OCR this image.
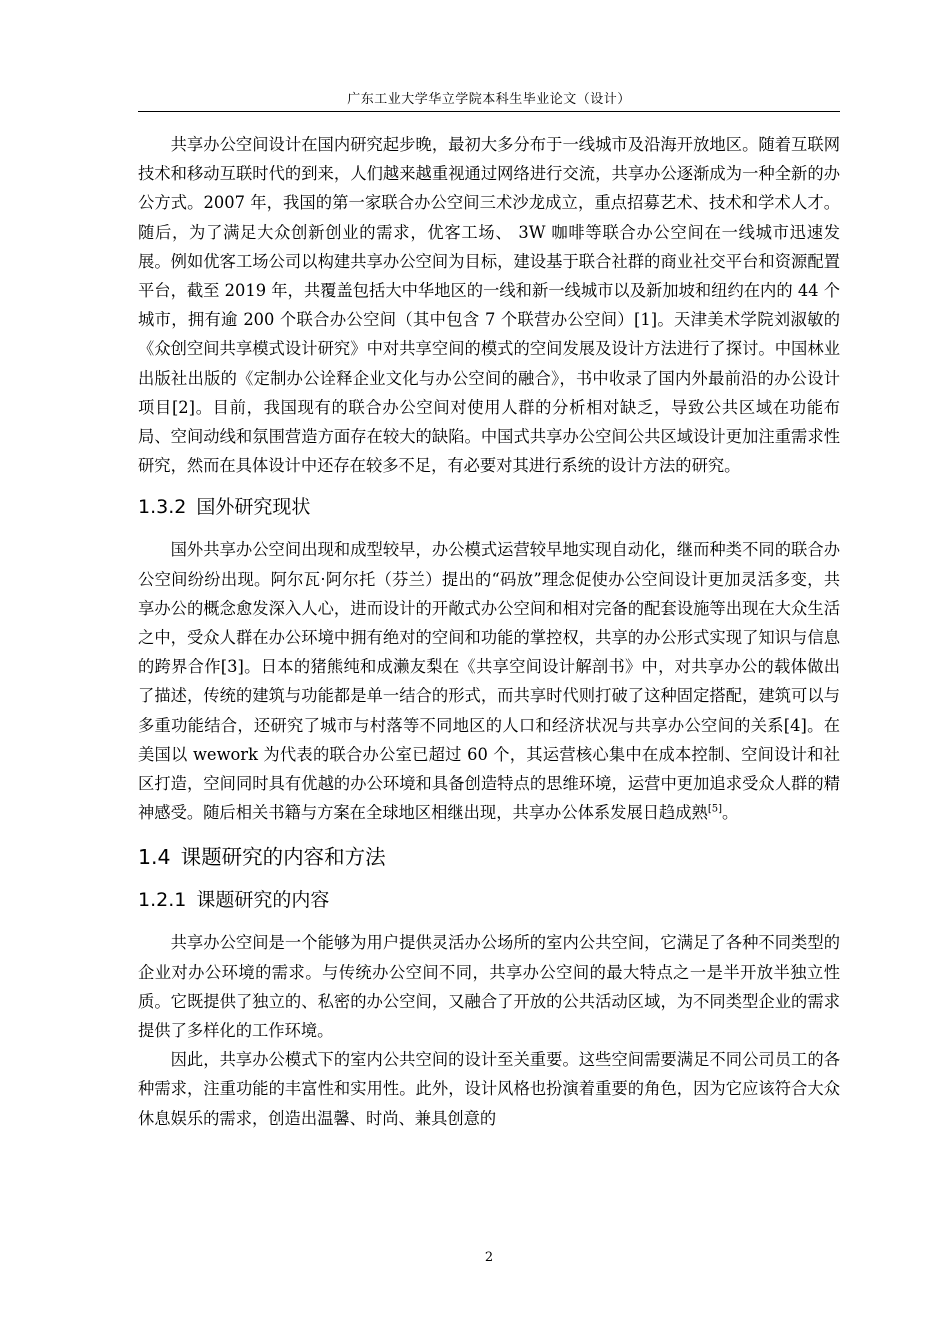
广东工业大学华立学院本科生毕业论文（设计）

共享办公空间设计在国内研究起步晚，最初大多分布于一线城市及沿海开放地区。随着互联网技术和移动互联时代的到来，人们越来越重视通过网络进行交流，共享办公逐渐成为一种全新的办公方式。2007 年，我国的第一家联合办公空间三术沙龙成立，重点招募艺术、技术和学术人才。随后，为了满足大众创新创业的需求，优客工场、 3W 咖啡等联合办公空间在一线城市迅速发展。例如优客工场公司以构建共享办公空间为目标，建设基于联合社群的商业社交平台和资源配置平台，截至 2019 年，共覆盖包括大中华地区的一线和新一线城市以及新加坡和纽约在内的 44 个城市，拥有逾 200 个联合办公空间（其中包含 7 个联营办公空间）[1]。天津美术学院刘淑敏的《众创空间共享模式设计研究》中对共享空间的模式的空间发展及设计方法进行了探讨。中国林业出版社出版的《定制办公诠释企业文化与办公空间的融合》，书中收录了国内外最前沿的办公设计项目[2]。目前，我国现有的联合办公空间对使用人群的分析相对缺乏，导致公共区域在功能布局、空间动线和氛围营造方面存在较大的缺陷。中国式共享办公空间公共区域设计更加注重需求性研究，然而在具体设计中还存在较多不足，有必要对其进行系统的设计方法的研究。

1.3.2 国外研究现状

国外共享办公空间出现和成型较早，办公模式运营较早地实现自动化，继而种类不同的联合办公空间纷纷出现。阿尔瓦·阿尔托（芬兰）提出的“码放”理念促使办公空间设计更加灵活多变，共享办公的概念愈发深入人心，进而设计的开敞式办公空间和相对完备的配套设施等出现在大众生活之中，受众人群在办公环境中拥有绝对的空间和功能的掌控权，共享的办公形式实现了知识与信息的跨界合作[3]。日本的猪熊纯和成濑友梨在《共享空间设计解剖书》中，对共享办公的载体做出了描述，传统的建筑与功能都是单一结合的形式，而共享时代则打破了这种固定搭配，建筑可以与多重功能结合，还研究了城市与村落等不同地区的人口和经济状况与共享办公空间的关系[4]。在美国以 wework 为代表的联合办公室已超过 60 个，其运营核心集中在成本控制、空间设计和社区打造，空间同时具有优越的办公环境和具备创造特点的思维环境，运营中更加追求受众人群的精神感受。随后相关书籍与方案在全球地区相继出现，共享办公体系发展日趋成熟[5]。

1.4 课题研究的内容和方法
1.2.1 课题研究的内容

共享办公空间是一个能够为用户提供灵活办公场所的室内公共空间，它满足了各种不同类型的企业对办公环境的需求。与传统办公空间不同，共享办公空间的最大特点之一是半开放半独立性质。它既提供了独立的、私密的办公空间，又融合了开放的公共活动区域，为不同类型企业的需求提供了多样化的工作环境。

因此，共享办公模式下的室内公共空间的设计至关重要。这些空间需要满足不同公司员工的各种需求，注重功能的丰富性和实用性。此外，设计风格也扮演着重要的角色，因为它应该符合大众休息娱乐的需求，创造出温馨、时尚、兼具创意的

2
